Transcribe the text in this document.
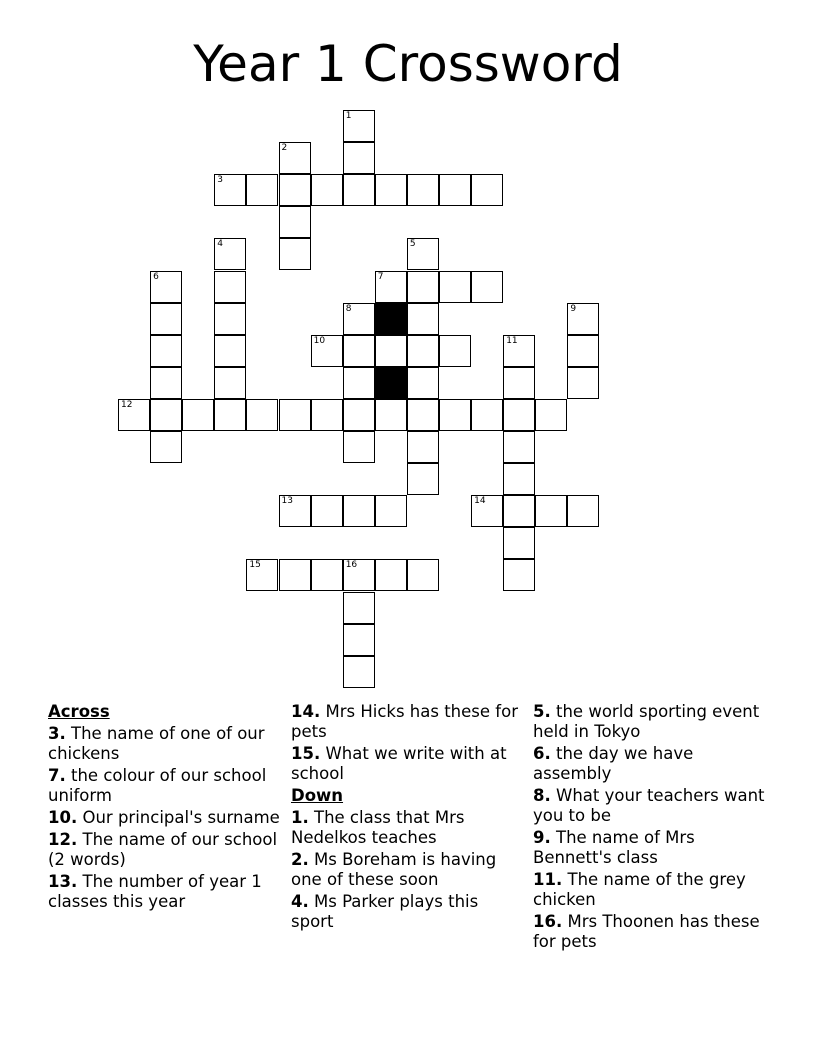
Year 1 Crossword
3
1
2
4	5
6	7
8	9
10	11
12
13	14
15	16
Across
3. The name of one of our chickens
7. the colour of our school uniform
10. Our principal's surname
12. The name of our school (2 words)
13. The number of year 1 classes this year
14. Mrs Hicks has these for pets
15. What we write with at school
Down
1. The class that Mrs Nedelkos teaches
2. Ms Boreham is having one of these soon
4. Ms Parker plays this sport
5. the world sporting event held in Tokyo
6. the day we have assembly
8. What your teachers want you to be
9. The name of Mrs Bennett's class
11. The name of the grey chicken
16. Mrs Thoonen has these for pets
